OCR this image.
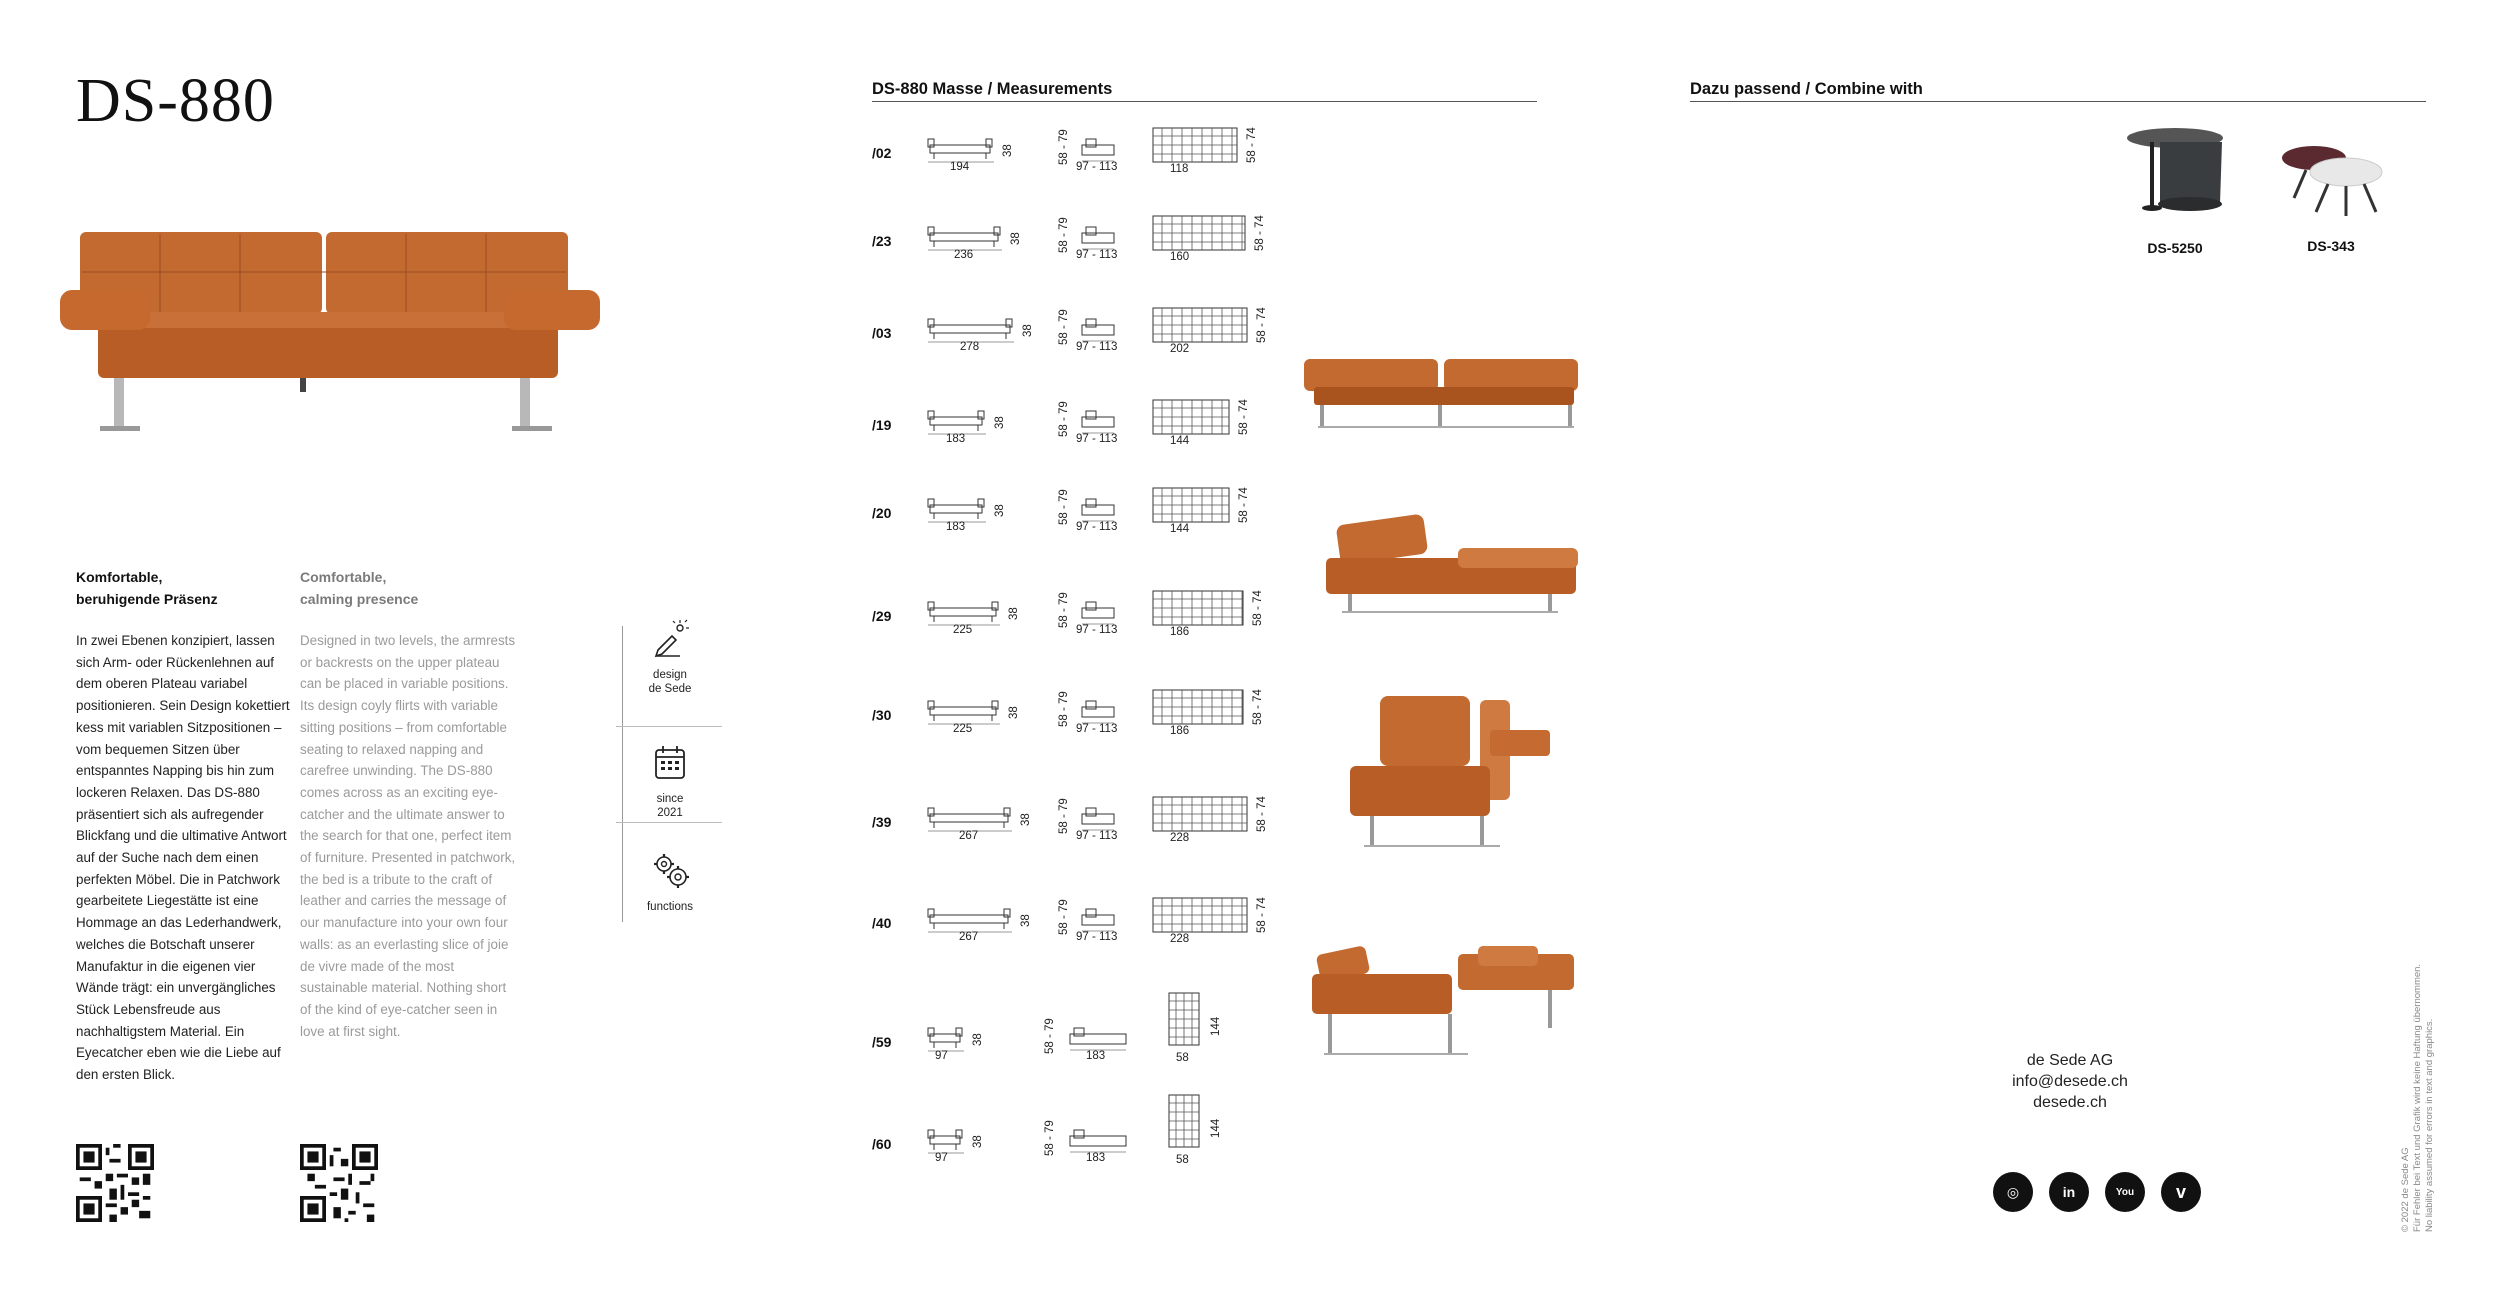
DS-880
Komfortable,
beruhigende Präsenz
Comfortable,
calming presence
In zwei Ebenen konzipiert, lassen sich Arm- oder Rückenlehnen auf dem oberen Plateau variabel positionieren. Sein Design kokettiert kess mit variablen Sitzpositionen – vom bequemen Sitzen über entspanntes Napping bis hin zum lockeren Relaxen. Das DS-880 präsentiert sich als aufregender Blickfang und die ultimative Antwort auf der Suche nach dem einen perfekten Möbel. Die in Patchwork gearbeitete Liegestätte ist eine Hommage an das Lederhandwerk, welches die Botschaft unserer Manufaktur in die eigenen vier Wände trägt: ein unvergängliches Stück Lebensfreude aus nachhaltigstem Material. Ein Eyecatcher eben wie die Liebe auf den ersten Blick.
Designed in two levels, the armrests or backrests on the upper plateau can be placed in variable positions. Its design coyly flirts with variable sitting positions – from comfortable seating to relaxed napping and carefree unwinding. The DS-880 comes across as an exciting eye-catcher and the ultimate answer to the search for that one, perfect item of furniture. Presented in patchwork, the bed is a tribute to the craft of leather and carries the message of our manufacture into your own four walls: as an everlasting slice of joie de vivre made of the most sustainable material. Nothing short of the kind of eye-catcher seen in love at first sight.
design
de Sede
since
2021
functions
DS-880 Masse / Measurements
/02
194
38	58 - 79
97 - 113	118
58 - 74
/23
236
38	58 - 79
97 - 113	160
58 - 74
/03
278
38 58 - 79
97 - 113	202
58 - 74
/19
183
38	58 - 79
97 - 113	144
58 - 74
/20
183
38	58 - 79
97 - 113	144
58 - 74
/29
225
38	58 - 79
97 - 113	186
58 - 74
/30
225
38	58 - 79
97 - 113	186
58 - 74
/39
267
38 58 - 79
97 - 113	228
58 - 74
/40
267
38 58 - 79
97 - 113	228
58 - 74
/59
97
38	58 - 79
183	58
144
/60
97
38	58 - 79
183	58
144
Dazu passend / Combine with
DS-5250	DS-343
de Sede AG
info@desede.ch
desede.ch
◎	in	You	v	© 2022 de Sede AG Für Fehler bei Text und Grafik wird keine Haftung übernommen. No liability assumed for errors in text and graphics.
